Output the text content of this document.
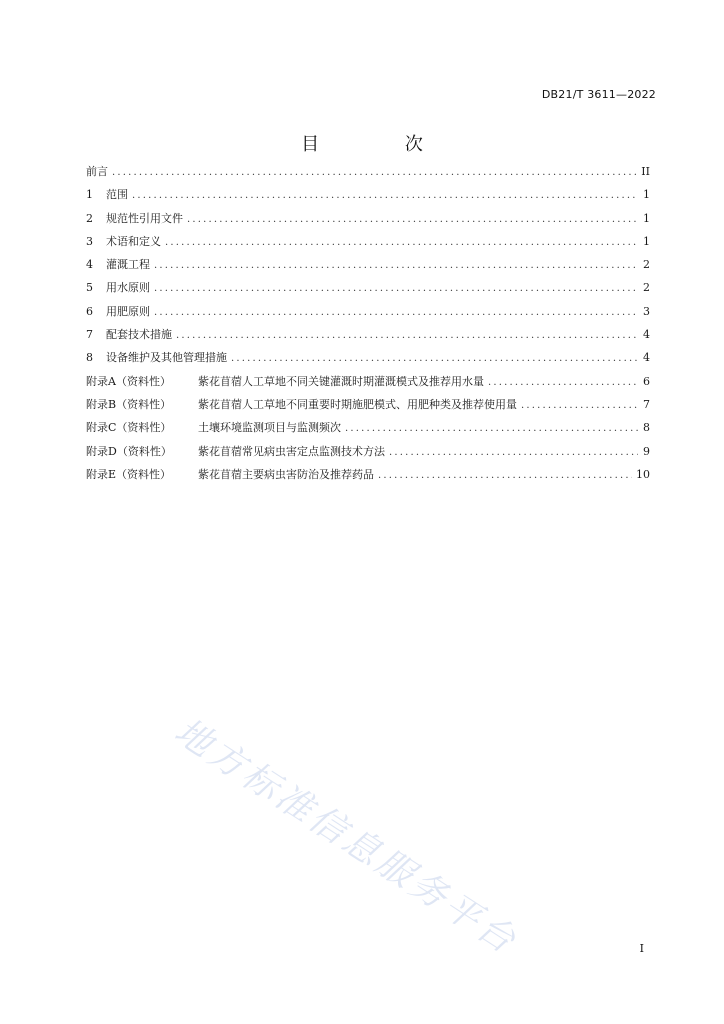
DB21/T 3611—2022
目 次
前言 .....	II
1	范围 .....	1
2	规范性引用文件 .....	1
3	术语和定义 .....	1
4	灌溉工程 .....	2
5	用水原则 .....	2
6	用肥原则 .....	3
7	配套技术措施 .....	4
8	设备维护及其他管理措施 .....	4
附录A（资料性）	紫花苜蓿人工草地不同关键灌溉时期灌溉模式及推荐用水量 .....	6
附录B（资料性）	紫花苜蓿人工草地不同重要时期施肥模式、用肥种类及推荐使用量 .....	7
附录C（资料性）	土壤环境监测项目与监测频次 .....	8
附录D（资料性）	紫花苜蓿常见病虫害定点监测技术方法 .....	9
附录E（资料性）	紫花苜蓿主要病虫害防治及推荐药品 .....	10
地方标准信息服务平台	I
